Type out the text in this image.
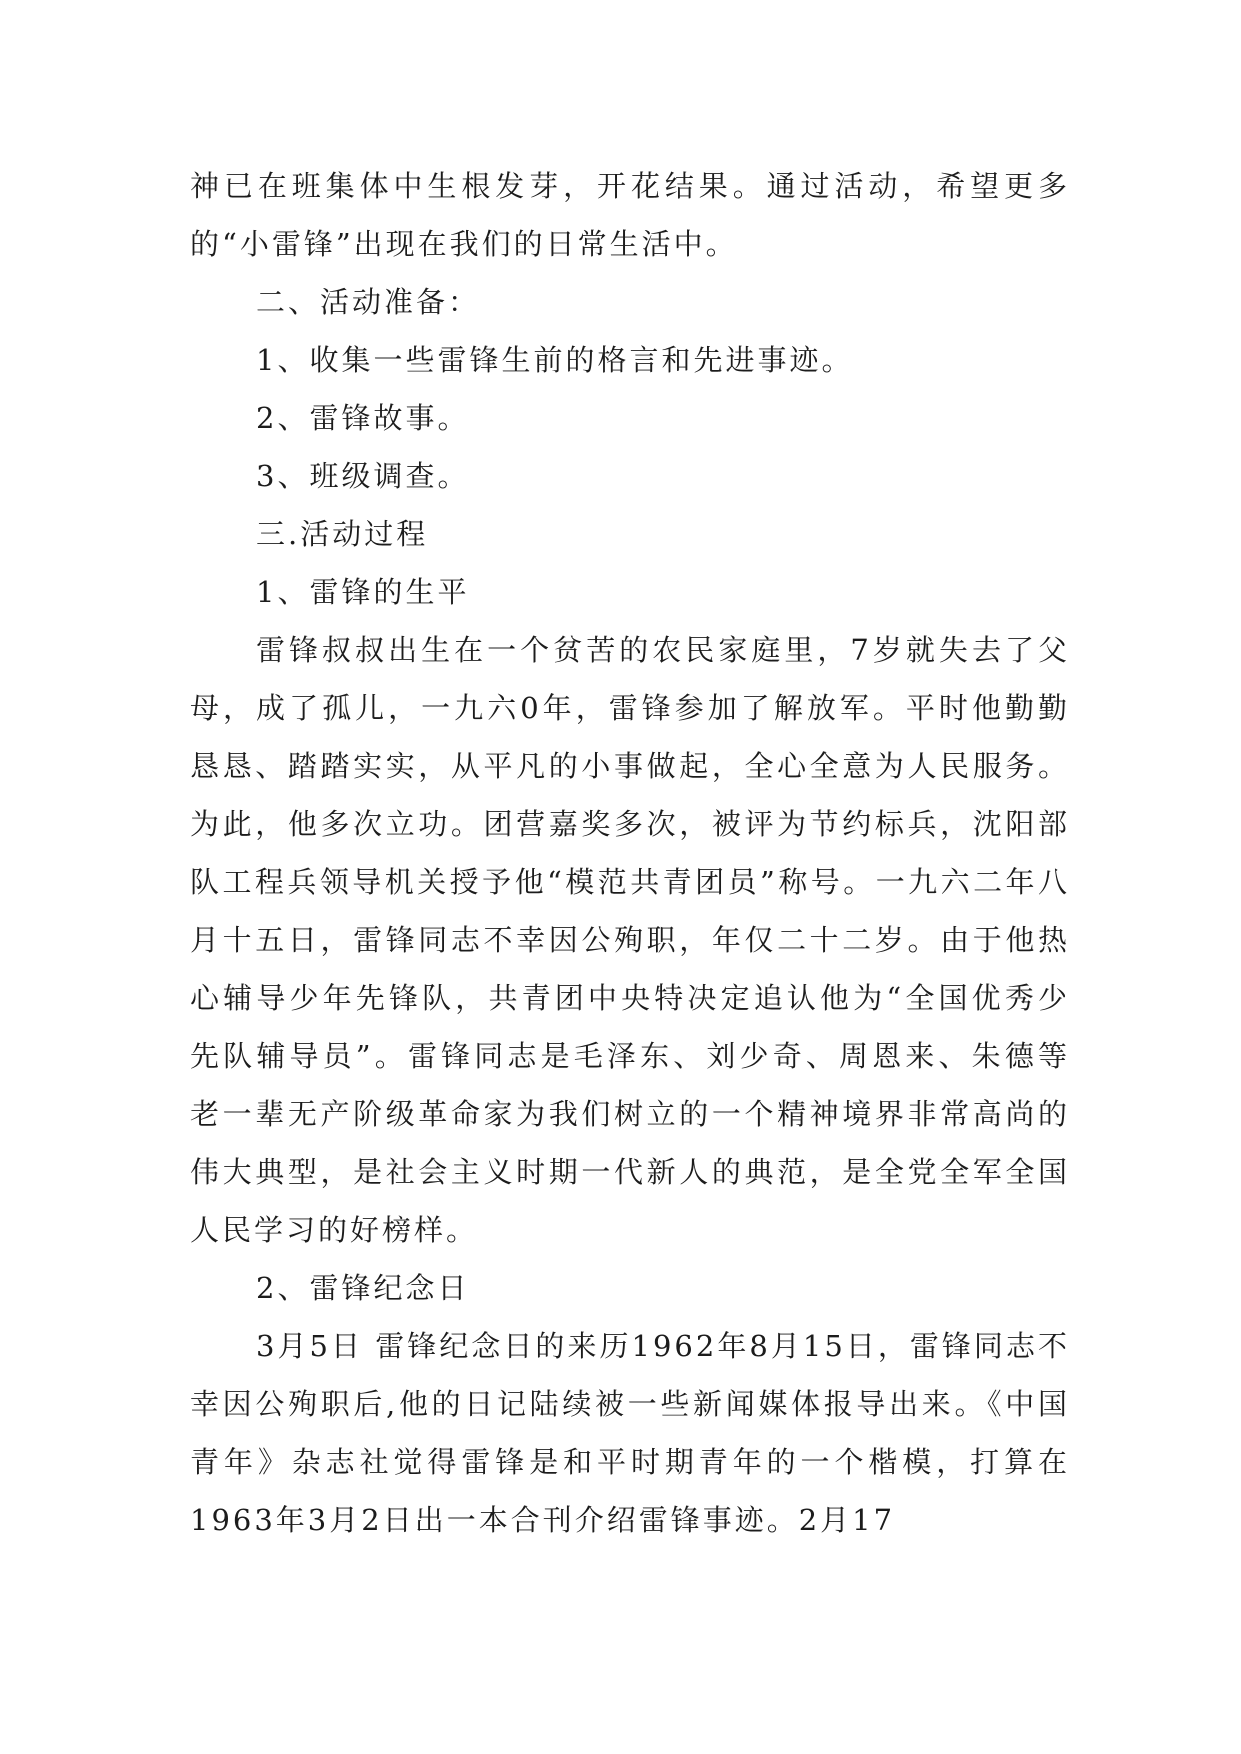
神已在班集体中生根发芽，开花结果。通过活动，希望更多的“小雷锋”出现在我们的日常生活中。

二、活动准备：

1、收集一些雷锋生前的格言和先进事迹。

2、雷锋故事。

3、班级调查。

三.活动过程

1、雷锋的生平

雷锋叔叔出生在一个贫苦的农民家庭里，7岁就失去了父母，成了孤儿，一九六0年，雷锋参加了解放军。平时他勤勤恳恳、踏踏实实，从平凡的小事做起，全心全意为人民服务。为此，他多次立功。团营嘉奖多次，被评为节约标兵，沈阳部队工程兵领导机关授予他“模范共青团员”称号。一九六二年八月十五日，雷锋同志不幸因公殉职，年仅二十二岁。由于他热心辅导少年先锋队，共青团中央特决定追认他为“全国优秀少先队辅导员”。雷锋同志是毛泽东、刘少奇、周恩来、朱德等老一辈无产阶级革命家为我们树立的一个精神境界非常高尚的伟大典型，是社会主义时期一代新人的典范，是全党全军全国人民学习的好榜样。

2、雷锋纪念日

3月5日 雷锋纪念日的来历1962年8月15日，雷锋同志不幸因公殉职后,他的日记陆续被一些新闻媒体报导出来。《中国青年》杂志社觉得雷锋是和平时期青年的一个楷模，打算在1963年3月2日出一本合刊介绍雷锋事迹。2月17
